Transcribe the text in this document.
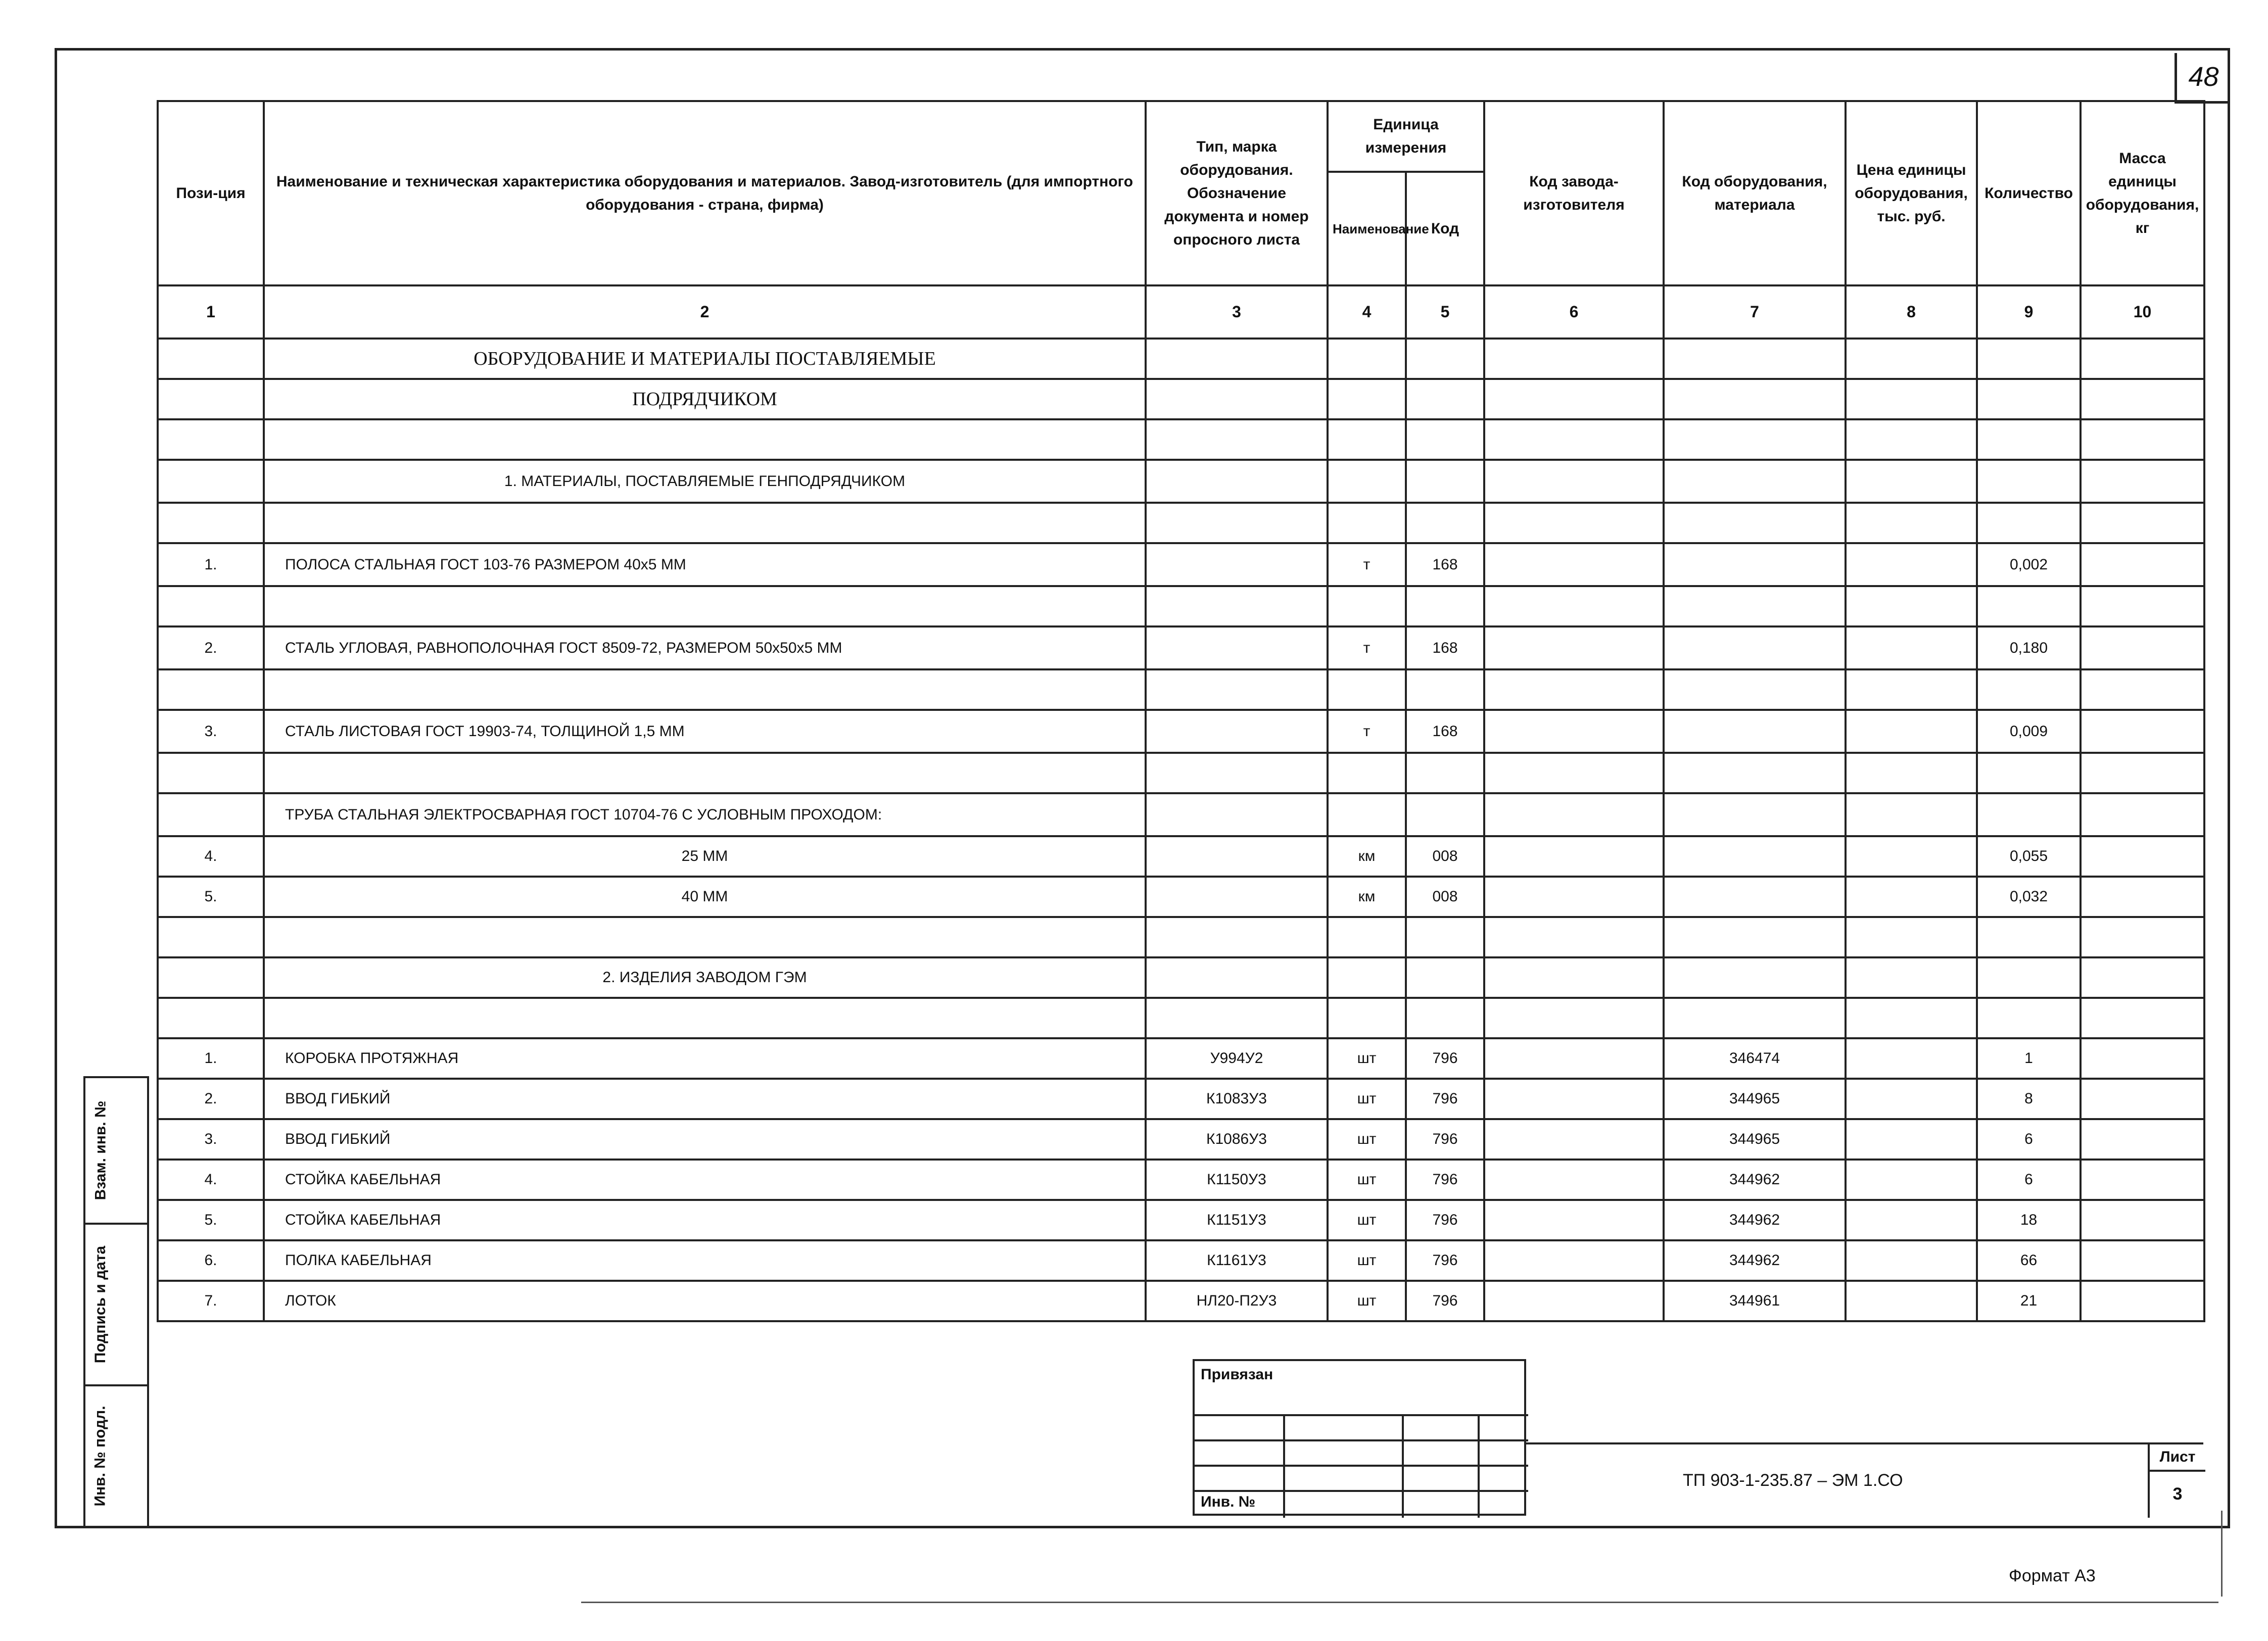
48
Пози-ция	Наименование и техническая характеристика оборудования и материалов. Завод-изготовитель (для импортного оборудования - страна, фирма)	Тип, марка оборудования. Обозначение документа и номер опросного листа	Единица измерения		Код завода-изготовителя	Код оборудования, материала	Цена единицы оборудования, тыс. руб.	Количество	Масса единицы оборудования, кг
			Наименование	Код					
1	2	3	4	5	6	7	8	9	10
	ОБОРУДОВАНИЕ И МАТЕРИАЛЫ ПОСТАВЛЯЕМЫЕ								
	ПОДРЯДЧИКОМ								

	1. МАТЕРИАЛЫ, ПОСТАВЛЯЕМЫЕ ГЕНПОДРЯДЧИКОМ								

1.	ПОЛОСА СТАЛЬНАЯ ГОСТ 103-76 РАЗМЕРОМ 40x5 ММ		т	168				0,002	

2.	СТАЛЬ УГЛОВАЯ, РАВНОПОЛОЧНАЯ ГОСТ 8509-72, РАЗМЕРОМ 50x50x5 ММ		т	168				0,180	

3.	СТАЛЬ ЛИСТОВАЯ ГОСТ 19903-74, ТОЛЩИНОЙ 1,5 ММ		т	168				0,009	

	ТРУБА СТАЛЬНАЯ ЭЛЕКТРОСВАРНАЯ ГОСТ 10704-76 С УСЛОВНЫМ ПРОХОДОМ:								
4.	25 ММ		км	008				0,055	
5.	40 ММ		км	008				0,032	

	2. ИЗДЕЛИЯ ЗАВОДОМ ГЭМ								

1.	КОРОБКА ПРОТЯЖНАЯ	У994У2	шт	796		346474		1	
2.	ВВОД ГИБКИЙ	К1083У3	шт	796		344965		8	
3.	ВВОД ГИБКИЙ	К1086У3	шт	796		344965		6	
4.	СТОЙКА КАБЕЛЬНАЯ	К1150У3	шт	796		344962		6	
5.	СТОЙКА КАБЕЛЬНАЯ	К1151У3	шт	796		344962		18	
6.	ПОЛКА КАБЕЛЬНАЯ	К1161У3	шт	796		344962		66	
7.	ЛОТОК	НЛ20-П2У3	шт	796		344961		21	
Взам. инв. №
Подпись и дата
Инв. № подл.
Привязан
Инв. №
ТП 903-1-235.87 – ЭМ 1.СО
Лист
3
Формат А3
